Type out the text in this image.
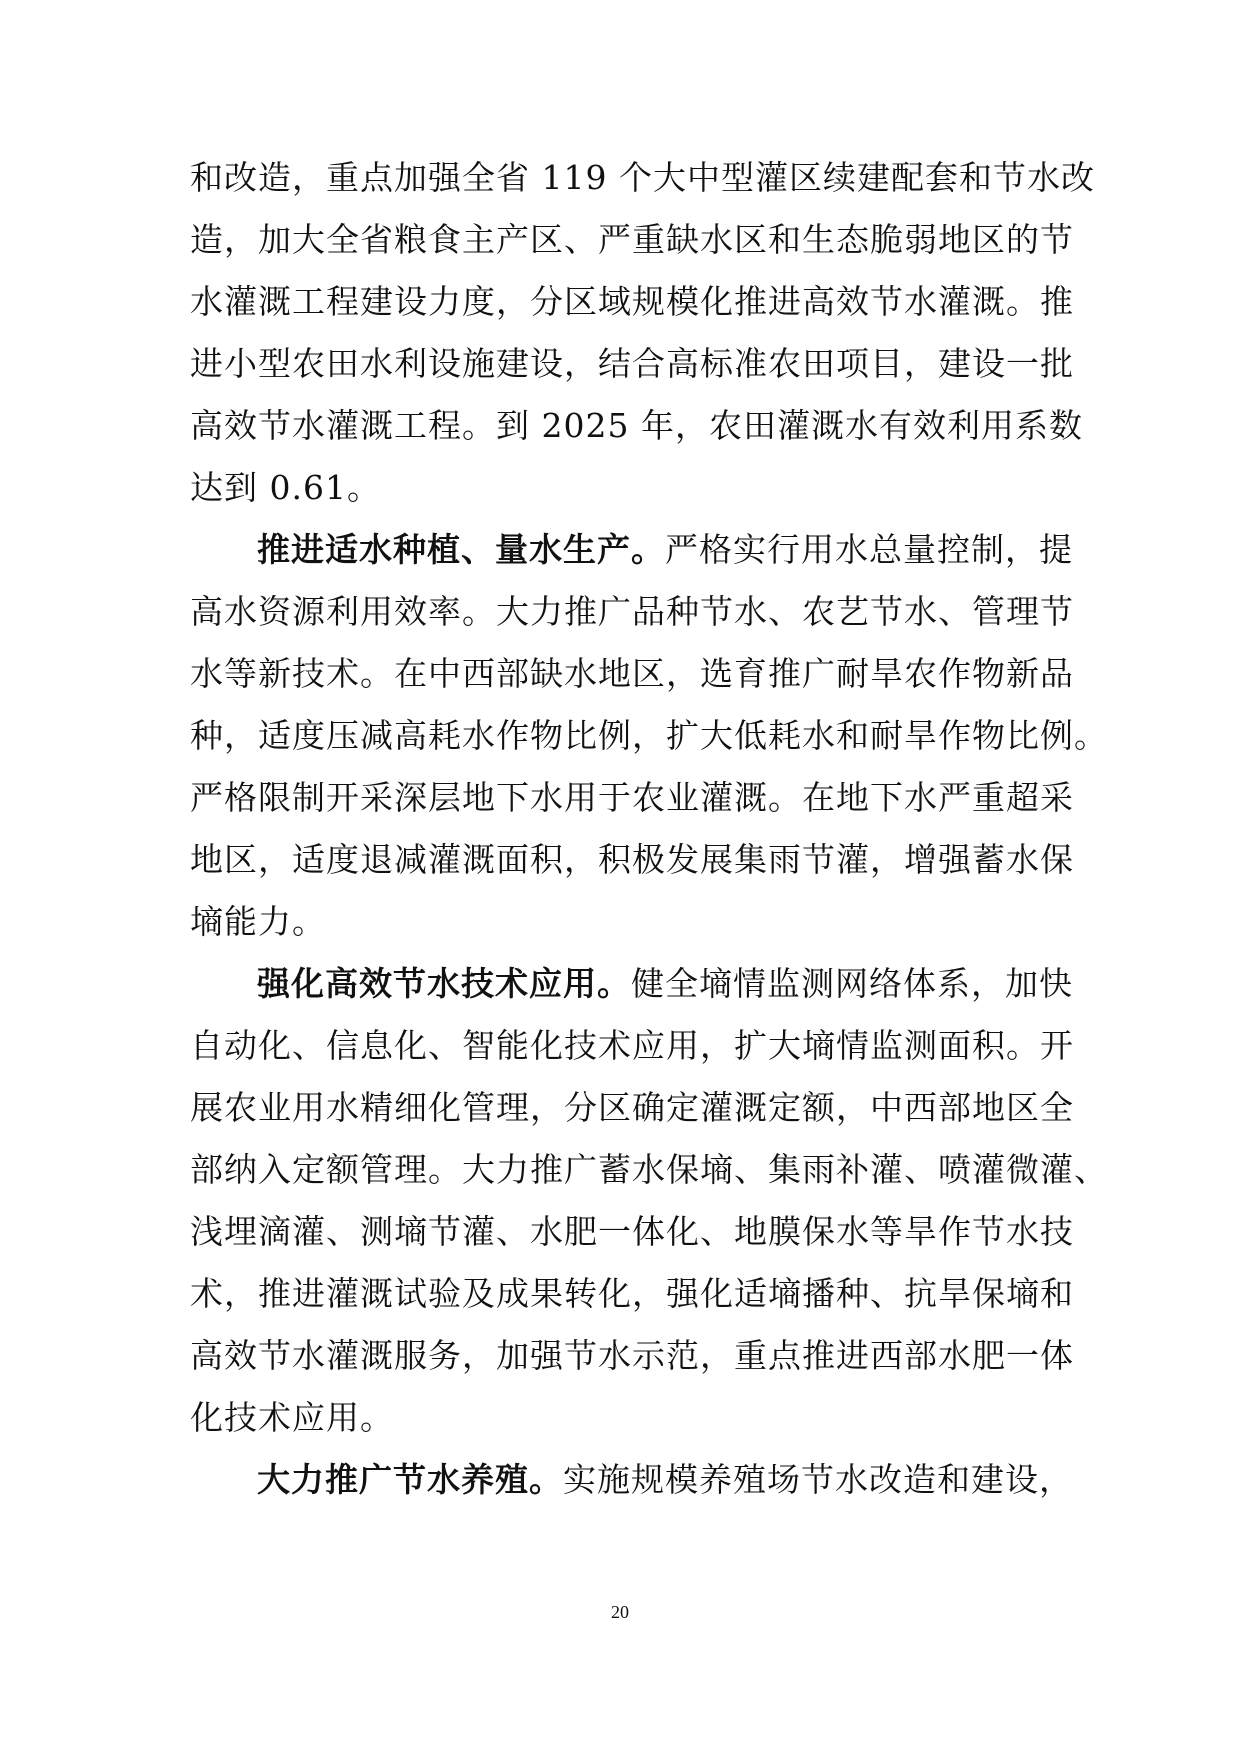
和改造，重点加强全省 119 个大中型灌区续建配套和节水改
造，加大全省粮食主产区、严重缺水区和生态脆弱地区的节
水灌溉工程建设力度，分区域规模化推进高效节水灌溉。推
进小型农田水利设施建设，结合高标准农田项目，建设一批
高效节水灌溉工程。到 2025 年，农田灌溉水有效利用系数
达到 0.61。
推进适水种植、量水生产。严格实行用水总量控制，提
高水资源利用效率。大力推广品种节水、农艺节水、管理节
水等新技术。在中西部缺水地区，选育推广耐旱农作物新品
种，适度压减高耗水作物比例，扩大低耗水和耐旱作物比例。
严格限制开采深层地下水用于农业灌溉。在地下水严重超采
地区，适度退减灌溉面积，积极发展集雨节灌，增强蓄水保
墒能力。
强化高效节水技术应用。健全墒情监测网络体系，加快
自动化、信息化、智能化技术应用，扩大墒情监测面积。开
展农业用水精细化管理，分区确定灌溉定额，中西部地区全
部纳入定额管理。大力推广蓄水保墒、集雨补灌、喷灌微灌、
浅埋滴灌、测墒节灌、水肥一体化、地膜保水等旱作节水技
术，推进灌溉试验及成果转化，强化适墒播种、抗旱保墒和
高效节水灌溉服务，加强节水示范，重点推进西部水肥一体
化技术应用。
大力推广节水养殖。实施规模养殖场节水改造和建设，
20
